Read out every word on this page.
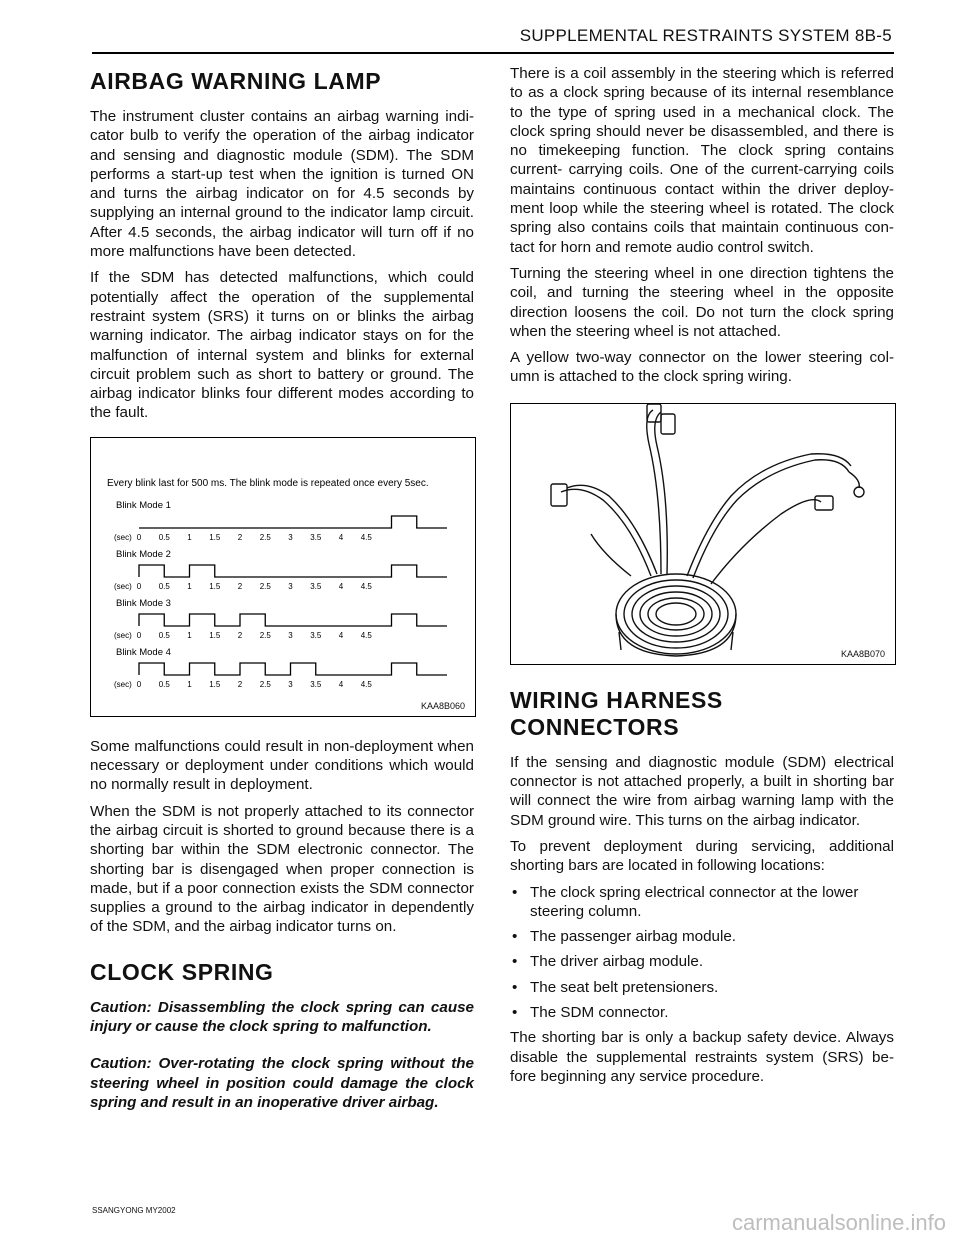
SUPPLEMENTAL RESTRAINTS SYSTEM 8B-5
AIRBAG WARNING LAMP

The instrument cluster contains an airbag warning indi-cator bulb to verify the operation of the airbag indicator and sensing and diagnostic module (SDM). The SDM performs a start-up test when the ignition is turned ON and turns the airbag indicator on for 4.5 seconds by supplying an internal ground to the indicator lamp circuit. After 4.5 seconds, the airbag indicator will turn off if no more malfunctions have been detected.

If the SDM has detected malfunctions, which could potentially affect the operation of the supplemental restraint system (SRS) it turns on or blinks the airbag warning indicator. The airbag indicator stays on for the malfunction of internal system and blinks for external circuit problem such as short to battery or ground. The airbag indicator blinks four different modes according to the fault.

Every blink last for 500 ms. The blink mode is repeated once every 5sec.
Blink Mode 1
(sec) 0 0.5 1 1.5 2 2.5 3 3.5 4 4.5
Blink Mode 2
(sec) 0 0.5 1 1.5 2 2.5 3 3.5 4 4.5
Blink Mode 3
(sec) 0 0.5 1 1.5 2 2.5 3 3.5 4 4.5
Blink Mode 4
(sec) 0 0.5 1 1.5 2 2.5 3 3.5 4 4.5
KAA8B060

Some malfunctions could result in non-deployment when necessary or deployment under conditions which would no normally result in deployment.

When the SDM is not properly attached to its connector the airbag circuit is shorted to ground because there is a shorting bar within the SDM electronic connector. The shorting bar is disengaged when proper connection is made, but if a poor connection exists the SDM connector supplies a ground to the airbag indicator in dependently of the SDM, and the airbag indicator turns on.

CLOCK SPRING

Caution: Disassembling the clock spring can cause injury or cause the clock spring to malfunction.

Caution: Over-rotating the clock spring without the steering wheel in position could damage the clock spring and result in an inoperative driver airbag.

There is a coil assembly in the steering which is referred to as a clock spring because of its internal resemblance to the type of spring used in a mechanical clock. The clock spring should never be disassembled, and there is no timekeeping function. The clock spring contains current- carrying coils. One of the current-carrying coils maintains continuous contact within the driver deploy-ment loop while the steering wheel is rotated. The clock spring also contains coils that maintain continuous con-tact for horn and remote audio control switch.

Turning the steering wheel in one direction tightens the coil, and turning the steering wheel in the opposite direction loosens the coil. Do not turn the clock spring when the steering wheel is not attached.

A yellow two-way connector on the lower steering col-umn is attached to the clock spring wiring.

KAA8B070
WIRING HARNESS CONNECTORS

If the sensing and diagnostic module (SDM) electrical connector is not attached properly, a built in shorting bar will connect the wire from airbag warning lamp with the SDM ground wire. This turns on the airbag indicator.

To prevent deployment during servicing, additional shorting bars are located in following locations:

• The clock spring electrical connector at the lower steering column.
• The passenger airbag module.
• The driver airbag module.
• The seat belt pretensioners.
• The SDM connector.

The shorting bar is only a backup safety device. Always disable the supplemental restraints system (SRS) be-fore beginning any service procedure.

SSANGYONG MY2002	carmanualsonline.info
